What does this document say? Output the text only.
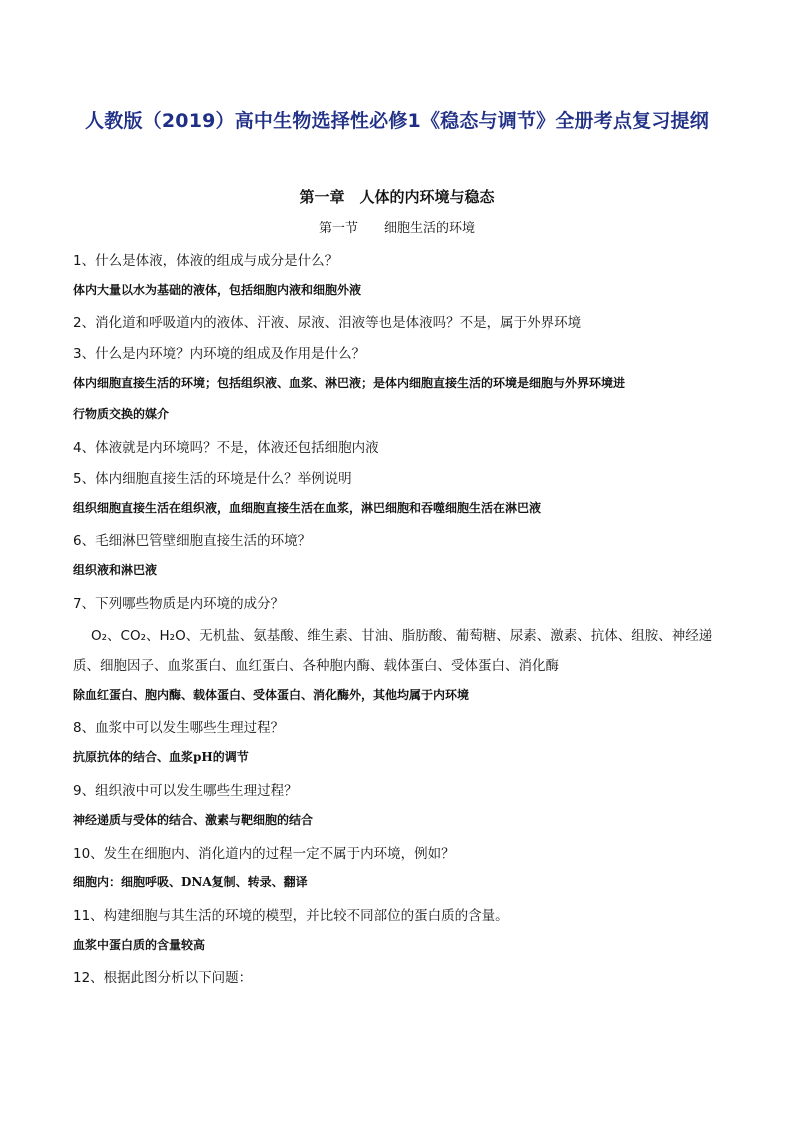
人教版（2019）高中生物选择性必修1《稳态与调节》全册考点复习提纲
第一章　人体的内环境与稳态
第一节　　细胞生活的环境
1、什么是体液，体液的组成与成分是什么？
体内大量以水为基础的液体，包括细胞内液和细胞外液
2、消化道和呼吸道内的液体、汗液、尿液、泪液等也是体液吗？不是，属于外界环境
3、什么是内环境？内环境的组成及作用是什么？
体内细胞直接生活的环境；包括组织液、血浆、淋巴液；是体内细胞直接生活的环境是细胞与外界环境进
行物质交换的媒介
4、体液就是内环境吗？不是，体液还包括细胞内液
5、体内细胞直接生活的环境是什么？举例说明
组织细胞直接生活在组织液，血细胞直接生活在血浆，淋巴细胞和吞噬细胞生活在淋巴液
6、毛细淋巴管壁细胞直接生活的环境？
组织液和淋巴液
7、下列哪些物质是内环境的成分？
O₂、CO₂、H₂O、无机盐、氨基酸、维生素、甘油、脂肪酸、葡萄糖、尿素、激素、抗体、组胺、神经递
质、细胞因子、血浆蛋白、血红蛋白、各种胞内酶、载体蛋白、受体蛋白、消化酶
除血红蛋白、胞内酶、载体蛋白、受体蛋白、消化酶外，其他均属于内环境
8、血浆中可以发生哪些生理过程？
抗原抗体的结合、血浆pH的调节
9、组织液中可以发生哪些生理过程？
神经递质与受体的结合、激素与靶细胞的结合
10、发生在细胞内、消化道内的过程一定不属于内环境，例如？
细胞内：细胞呼吸、DNA复制、转录、翻译
11、构建细胞与其生活的环境的模型，并比较不同部位的蛋白质的含量。
血浆中蛋白质的含量较高
12、根据此图分析以下问题：
